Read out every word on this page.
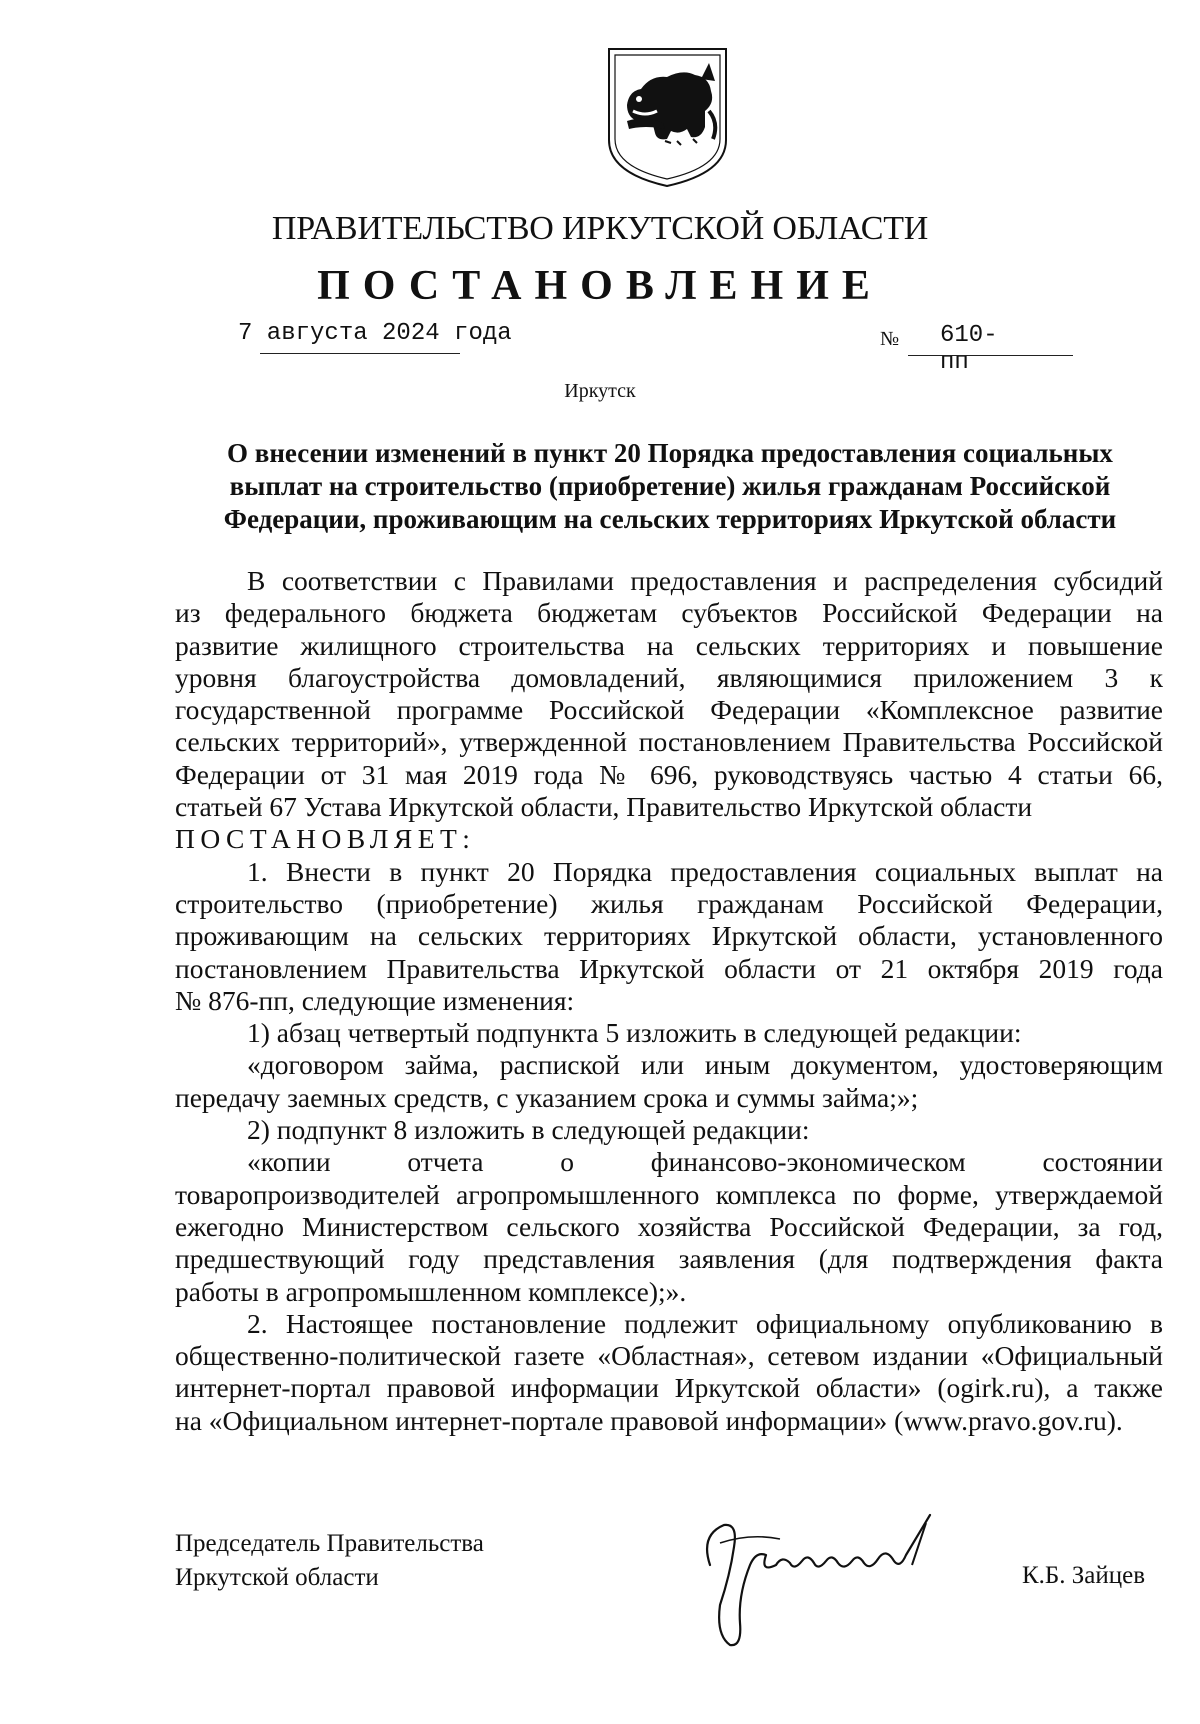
ПРАВИТЕЛЬСТВО ИРКУТСКОЙ ОБЛАСТИ
ПОСТАНОВЛЕНИЕ
7 августа 2024 года	№ 610-пп
Иркутск
О внесении изменений в пункт 20 Порядка предоставления социальных
выплат на строительство (приобретение) жилья гражданам Российской
Федерации, проживающим на сельских территориях Иркутской области
В соответствии с Правилами предоставления и распределения субсидий
из федерального бюджета бюджетам субъектов Российской Федерации на
развитие жилищного строительства на сельских территориях и повышение
уровня благоустройства домовладений, являющимися приложением 3 к
государственной программе Российской Федерации «Комплексное развитие
сельских территорий», утвержденной постановлением Правительства Российской
Федерации от 31 мая 2019 года № 696, руководствуясь частью 4 статьи 66,
статьей 67 Устава Иркутской области, Правительство Иркутской области
ПОСТАНОВЛЯЕТ:
1. Внести в пункт 20 Порядка предоставления социальных выплат на
строительство (приобретение) жилья гражданам Российской Федерации,
проживающим на сельских территориях Иркутской области, установленного
постановлением Правительства Иркутской области от 21 октября 2019 года
№ 876-пп, следующие изменения:
1) абзац четвертый подпункта 5 изложить в следующей редакции:
«договором займа, распиской или иным документом, удостоверяющим
передачу заемных средств, с указанием срока и суммы займа;»;
2) подпункт 8 изложить в следующей редакции:
«копии отчета о финансово-экономическом состоянии
товаропроизводителей агропромышленного комплекса по форме, утверждаемой
ежегодно Министерством сельского хозяйства Российской Федерации, за год,
предшествующий году представления заявления (для подтверждения факта
работы в агропромышленном комплексе);».
2. Настоящее постановление подлежит официальному опубликованию в
общественно-политической газете «Областная», сетевом издании «Официальный
интернет-портал правовой информации Иркутской области» (ogirk.ru), а также
на «Официальном интернет-портале правовой информации» (www.pravo.gov.ru).
Председатель Правительства
Иркутской области	К.Б. Зайцев
